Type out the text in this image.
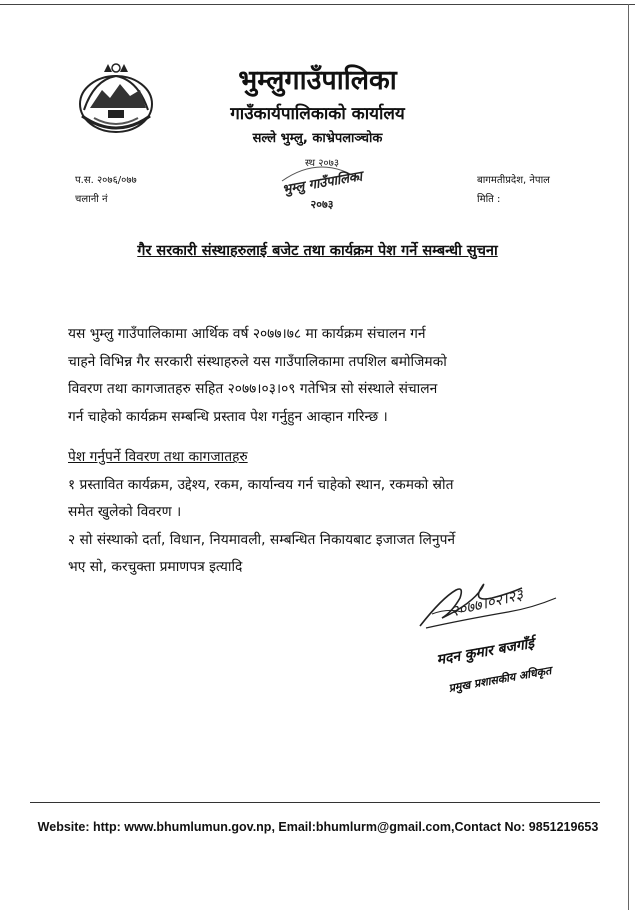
भुम्लुगाउँपालिका
गाउँकार्यपालिकाको कार्यालय
सल्ले भुम्लु, काभ्रेपलाञ्चोक
प.स. २०७६/०७७
चलानी नं
बागमतीप्रदेश, नेपाल
मिति :
स्थ २०७३
भुम्लु गाउँपालिका
२०७३
गैर सरकारी संस्थाहरुलाई बजेट तथा कार्यक्रम पेश गर्ने सम्बन्धी सुचना
यस भुम्लु गाउँपालिकामा आर्थिक वर्ष २०७७।७८ मा कार्यक्रम संचालन गर्न
चाहने विभिन्न गैर सरकारी संस्थाहरुले यस गाउँपालिकामा तपशिल बमोजिमको
विवरण तथा कागजातहरु सहित २०७७।०३।०९ गतेभित्र सो संस्थाले संचालन
गर्न चाहेको कार्यक्रम सम्बन्धि प्रस्ताव पेश गर्नुहुन आव्हान गरिन्छ ।
पेश गर्नुपर्ने विवरण तथा कागजातहरु
१ प्रस्तावित कार्यक्रम, उद्देश्य, रकम, कार्यान्वय गर्न चाहेको स्थान, रकमको स्रोत
समेत खुलेको विवरण ।
२ सो संस्थाको दर्ता, विधान, नियमावली, सम्बन्धित निकायबाट इजाजत लिनुपर्ने
भए सो, करचुक्ता प्रमाणपत्र इत्यादि
२०७७।०२।२३
मदन कुमार बजगाँई
प्रमुख प्रशासकीय अधिकृत
Website: http: www.bhumlumun.gov.np, Email:bhumlurm@gmail.com,Contact No: 9851219653
